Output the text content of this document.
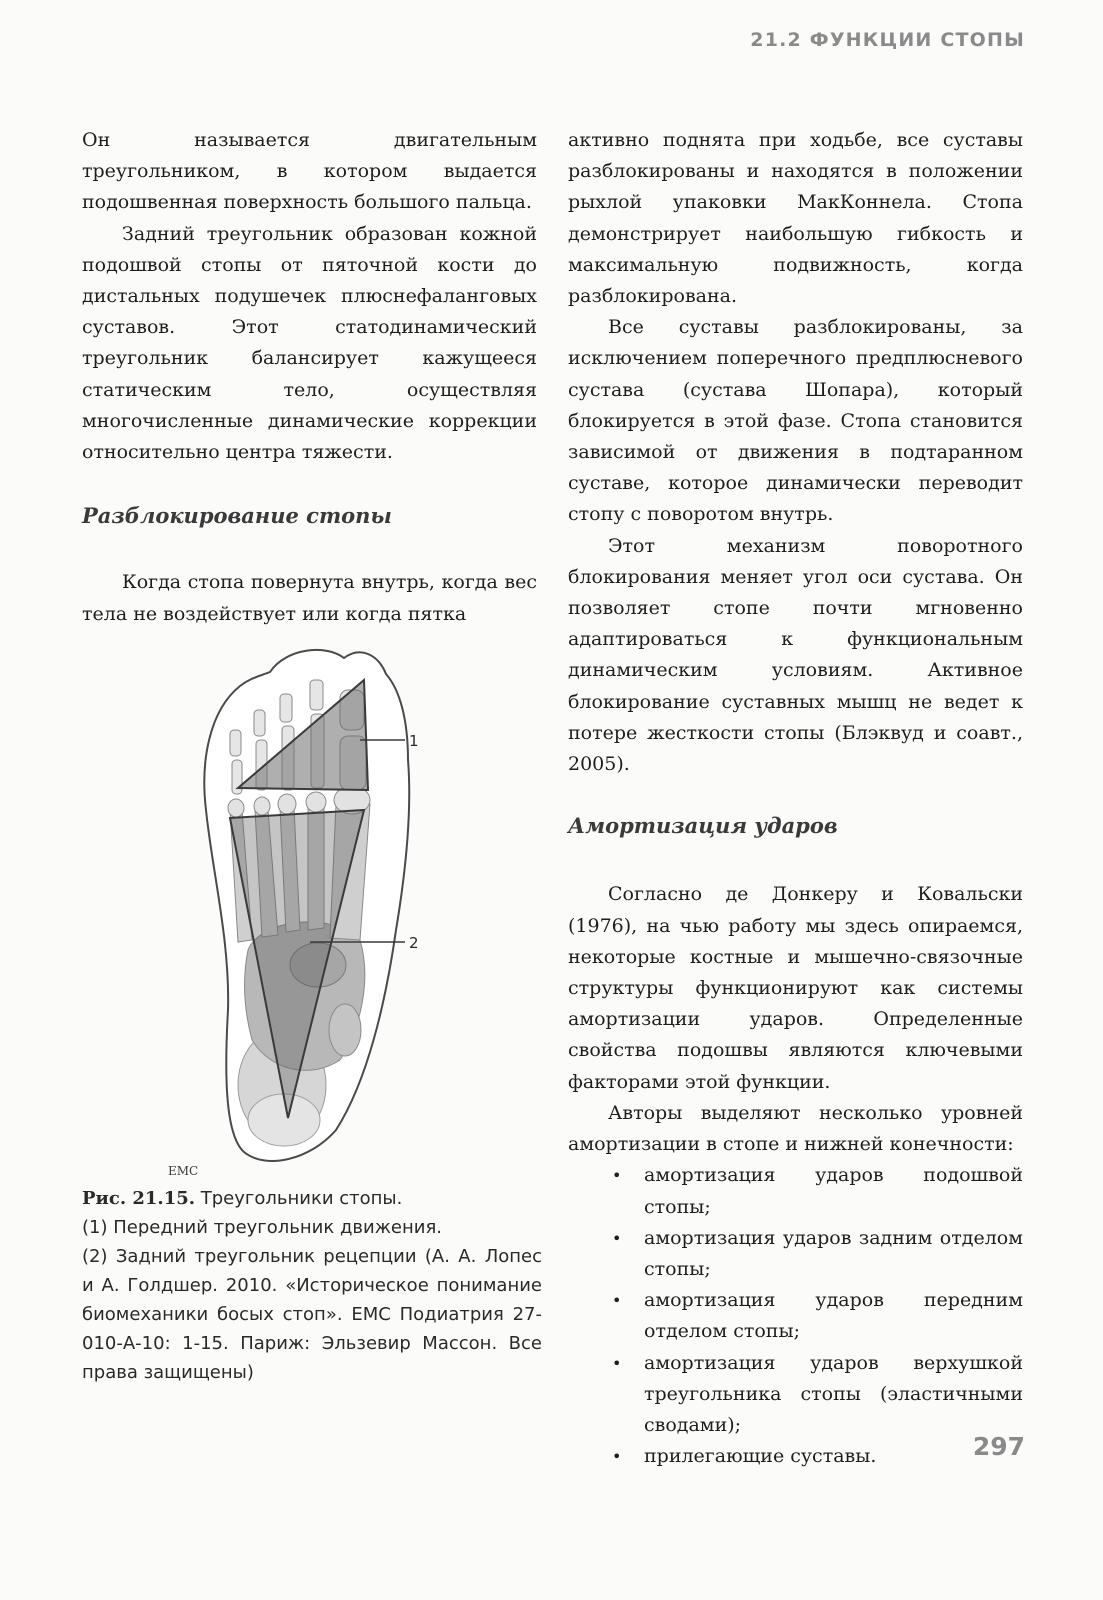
21.2 ФУНКЦИИ СТОПЫ

Он называется двигательным треугольником, в котором выдается подошвенная поверхность большого пальца.

Задний треугольник образован кожной подошвой стопы от пяточной кости до дистальных подушечек плюснефаланговых суставов. Этот статодинамический треугольник балансирует кажущееся статическим тело, осуществляя многочисленные динамические коррекции относительно центра тяжести.

Разблокирование стопы

Когда стопа повернута внутрь, когда вес тела не воздействует или когда пятка

1
2
ЕМС
Рис. 21.15. Треугольники стопы.
(1) Передний треугольник движения.
(2) Задний треугольник рецепции (А. А. Лопес и А. Голдшер. 2010. «Историческое понимание биомеханики босых стоп». ЕМС Подиатрия 27-010-А-10: 1-15. Париж: Эльзевир Массон. Все права защищены)

активно поднята при ходьбе, все суставы разблокированы и находятся в положении рыхлой упаковки МакКоннела. Стопа демонстрирует наибольшую гибкость и максимальную подвижность, когда разблокирована.

Все суставы разблокированы, за исключением поперечного предплюсневого сустава (сустава Шопара), который блокируется в этой фазе. Стопа становится зависимой от движения в подтаранном суставе, которое динамически переводит стопу с поворотом внутрь.

Этот механизм поворотного блокирования меняет угол оси сустава. Он позволяет стопе почти мгновенно адаптироваться к функциональным динамическим условиям. Активное блокирование суставных мышц не ведет к потере жесткости стопы (Блэквуд и соавт., 2005).

Амортизация ударов

Согласно де Донкеру и Ковальски (1976), на чью работу мы здесь опираемся, некоторые костные и мышечно-связочные структуры функционируют как системы амортизации ударов. Определенные свойства подошвы являются ключевыми факторами этой функции.

Авторы выделяют несколько уровней амортизации в стопе и нижней конечности:

• амортизация ударов подошвой стопы;
• амортизация ударов задним отделом стопы;
• амортизация ударов передним отделом стопы;
• амортизация ударов верхушкой треугольника стопы (эластичными сводами);
• прилегающие суставы.	297
